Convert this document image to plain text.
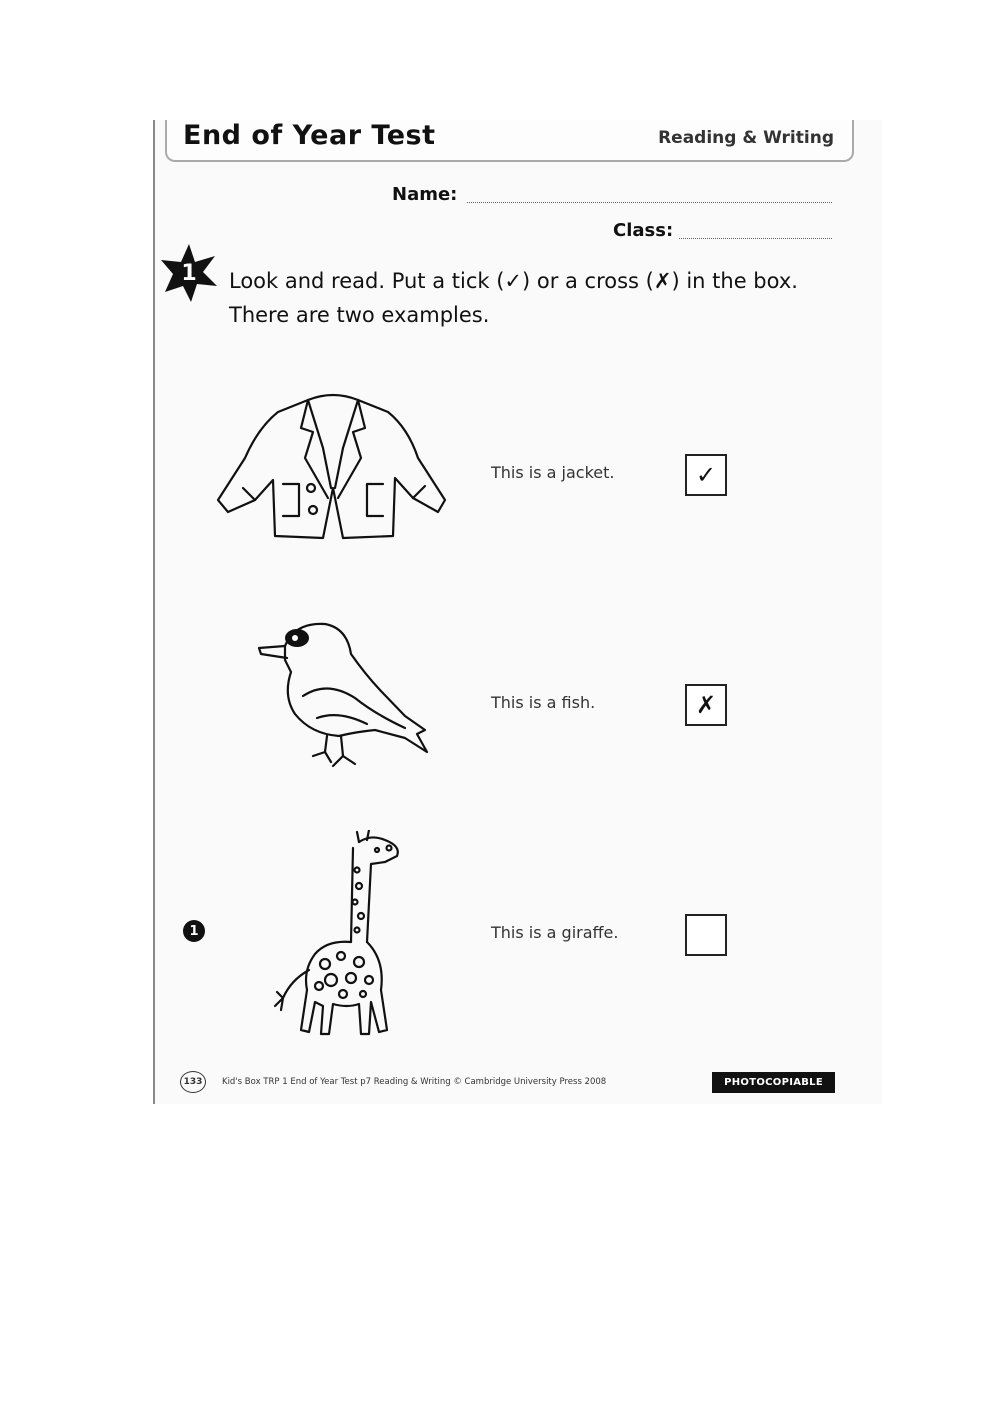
End of Year Test	Reading & Writing
Name:
Class:
1 Look and read. Put a tick (✓) or a cross (✗) in the box.
There are two examples.
This is a jacket.	✓
This is a fish.	✗
1	This is a giraffe.
133	Kid's Box TRP 1 End of Year Test p7 Reading & Writing © Cambridge University Press 2008	PHOTOCOPIABLE
